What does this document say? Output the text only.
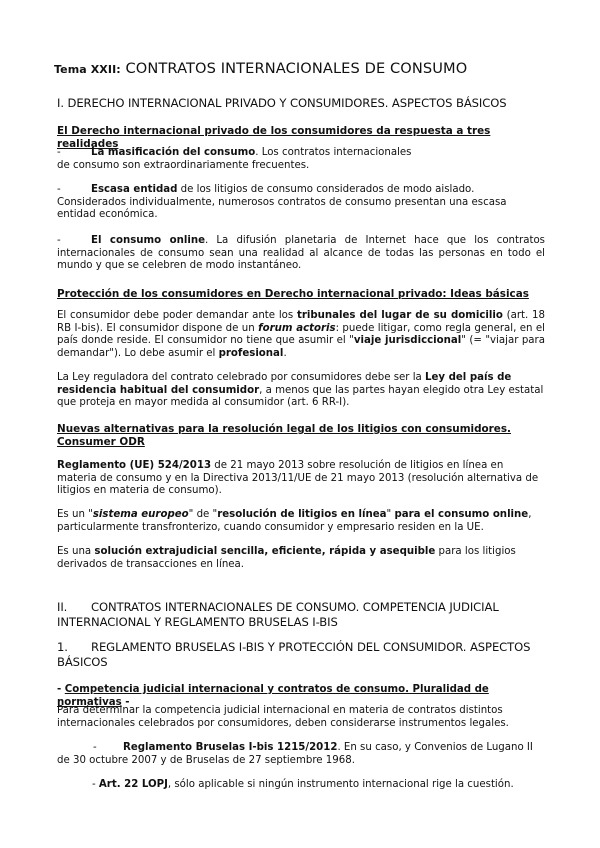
Tema XXII: CONTRATOS INTERNACIONALES DE CONSUMO
I. DERECHO INTERNACIONAL PRIVADO Y CONSUMIDORES. ASPECTOS BÁSICOS
El Derecho internacional privado de los consumidores da respuesta a tres realidades

-	La masificación del consumo. Los contratos internacionales de consumo son extraordinariamente frecuentes.

-	Escasa entidad de los litigios de consumo considerados de modo aislado. Considerados individualmente, numerosos contratos de consumo presentan una escasa entidad económica.

-	El consumo online. La difusión planetaria de Internet hace que los contratos internacionales de consumo sean una realidad al alcance de todas las personas en todo el mundo y que se celebren de modo instantáneo.

Protección de los consumidores en Derecho internacional privado: Ideas básicas

El consumidor debe poder demandar ante los tribunales del lugar de su domicilio (art. 18 RB I-bis). El consumidor dispone de un forum actoris: puede litigar, como regla general, en el país donde reside. El consumidor no tiene que asumir el "viaje jurisdiccional" (= "viajar para demandar"). Lo debe asumir el profesional.

La Ley reguladora del contrato celebrado por consumidores debe ser la Ley del país de residencia habitual del consumidor, a menos que las partes hayan elegido otra Ley estatal que proteja en mayor medida al consumidor (art. 6 RR-I).

Nuevas alternativas para la resolución legal de los litigios con consumidores. Consumer ODR

Reglamento (UE) 524/2013 de 21 mayo 2013 sobre resolución de litigios en línea en materia de consumo y en la Directiva 2013/11/UE de 21 mayo 2013 (resolución alternativa de litigios en materia de consumo).

Es un "sistema europeo" de "resolución de litigios en línea" para el consumo online, particularmente transfronterizo, cuando consumidor y empresario residen en la UE.

Es una solución extrajudicial sencilla, eficiente, rápida y asequible para los litigios derivados de transacciones en línea.

II. CONTRATOS INTERNACIONALES DE CONSUMO. COMPETENCIA JUDICIAL INTERNACIONAL Y REGLAMENTO BRUSELAS I-BIS
1. REGLAMENTO BRUSELAS I-BIS Y PROTECCIÓN DEL CONSUMIDOR. ASPECTOS BÁSICOS
- Competencia judicial internacional y contratos de consumo. Pluralidad de normativas -

Para determinar la competencia judicial internacional en materia de contratos distintos internacionales celebrados por consumidores, deben considerarse instrumentos legales.

-	Reglamento Bruselas I-bis 1215/2012. En su caso, y Convenios de Lugano II de 30 octubre 2007 y de Bruselas de 27 septiembre 1968.

- Art. 22 LOPJ, sólo aplicable si ningún instrumento internacional rige la cuestión.
